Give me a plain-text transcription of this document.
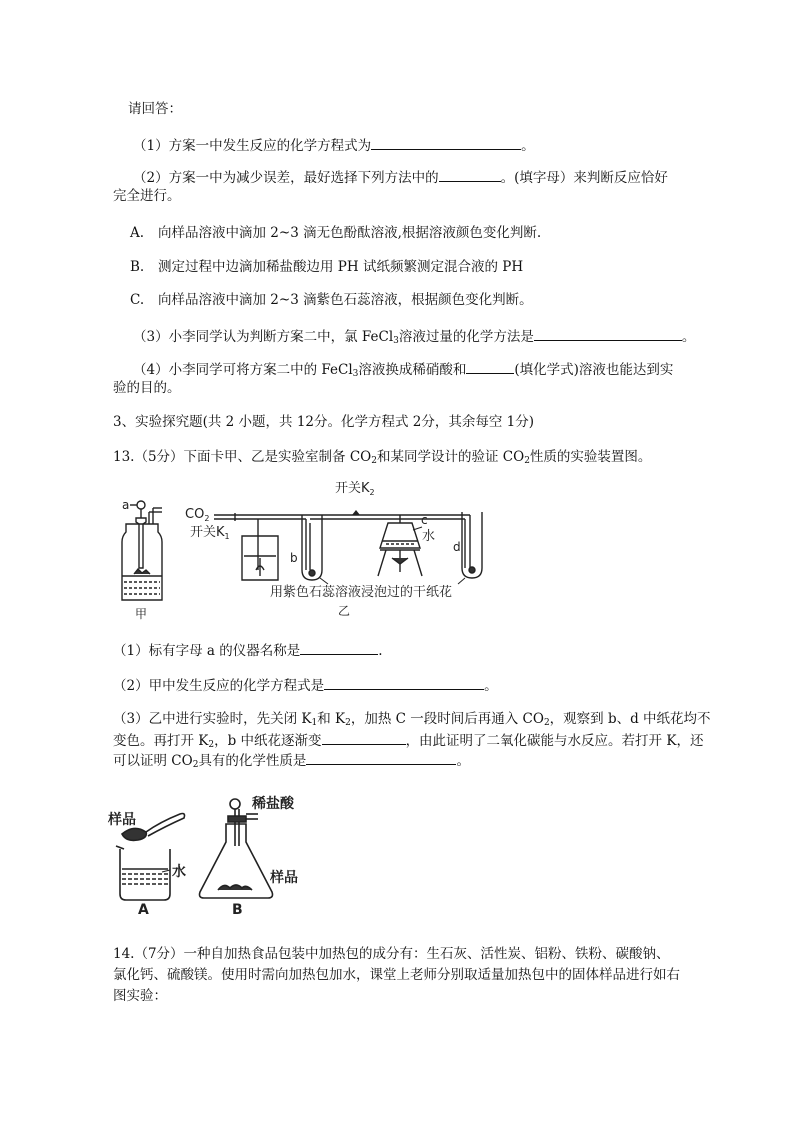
请回答：
（1）方案一中发生反应的化学方程式为	。
（2）方案一中为减少误差，最好选择下列方法中的	。(填字母）来判断反应恰好
完全进行。
A. 向样品溶液中滴加 2~3 滴无色酚酞溶液,根据溶液颜色变化判断.
B. 测定过程中边滴加稀盐酸边用 PH 试纸频繁测定混合液的 PH
C. 向样品溶液中滴加 2~3 滴紫色石蕊溶液，根据颜色变化判断。
（3）小李同学认为判断方案二中，氯 FeCl$_3$溶液过量的化学方法是	。
（4）小李同学可将方案二中的 FeCl$_3$溶液换成稀硝酸和	(填化学式)溶液也能达到实
验的目的。
3、实验探究题(共 2 小题，共 12分。化学方程式 2分，其余每空 1分)
13.（5分）下面卡甲、乙是实验室制备 $CO_2$和某同学设计的验证 $CO_2$性质的实验装置图。
a
甲
$CO_2$
开关$K_1$
b
开关$K_2$
c
水
d
用紫色石蕊溶液浸泡过的干纸花
乙
（1）标有字母 a 的仪器名称是	.
（2）甲中发生反应的化学方程式是	。
（3）乙中进行实验时，先关闭 $K_1$和 $K_2$，加热 C 一段时间后再通入 $CO_2$，观察到 b、d 中纸花均不
变色。再打开 $K_2$，b 中纸花逐渐变	，由此证明了二氧化碳能与水反应。若打开 K，还
可以证明 $CO_2$具有的化学性质是	。
样品
水
稀盐酸
样品
A	B
14.（7分）一种自加热食品包装中加热包的成分有：生石灰、活性炭、铝粉、铁粉、碳酸钠、
氯化钙、硫酸镁。使用时需向加热包加水，课堂上老师分别取适量加热包中的固体样品进行如右
图实验：
